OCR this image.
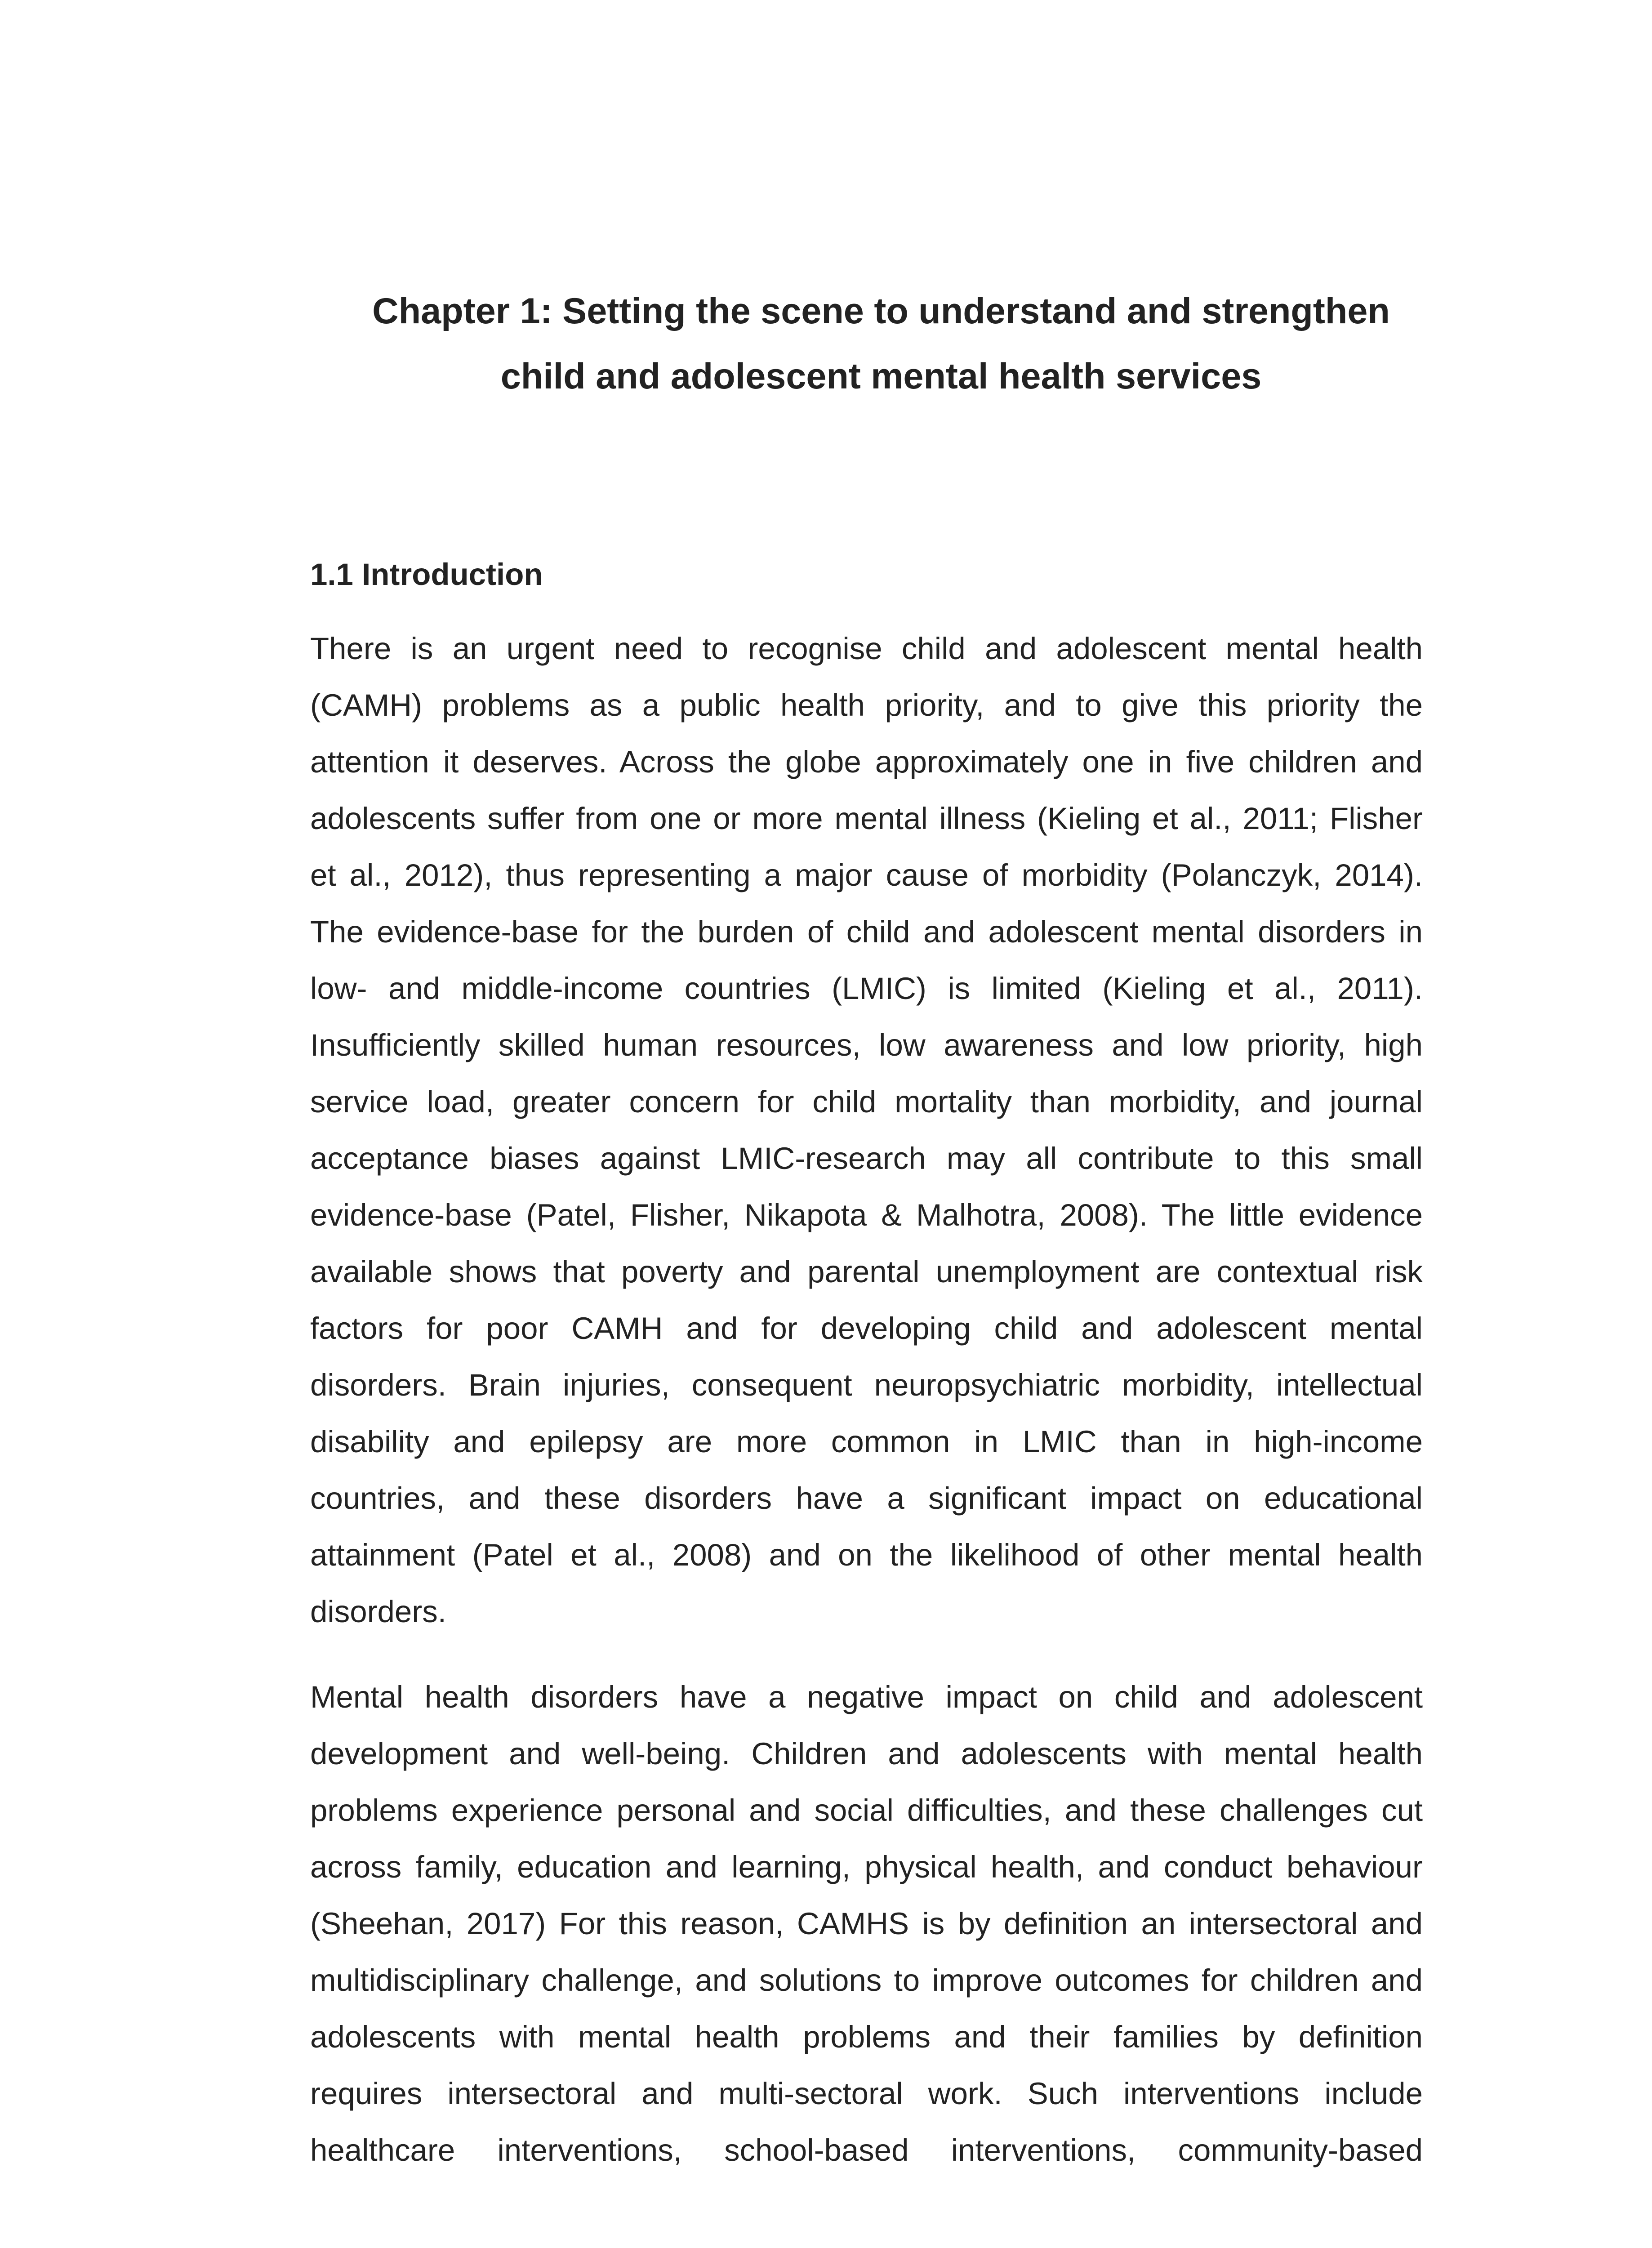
Chapter 1: Setting the scene to understand and strengthen
child and adolescent mental health services
1.1 Introduction

There is an urgent need to recognise child and adolescent mental health
(CAMH) problems as a public health priority, and to give this priority the
attention it deserves. Across the globe approximately one in five children and
adolescents suffer from one or more mental illness (Kieling et al., 2011; Flisher
et al., 2012), thus representing a major cause of morbidity (Polanczyk, 2014).
The evidence-base for the burden of child and adolescent mental disorders in
low- and middle-income countries (LMIC) is limited (Kieling et al., 2011).
Insufficiently skilled human resources, low awareness and low priority, high
service load, greater concern for child mortality than morbidity, and journal
acceptance biases against LMIC-research may all contribute to this small
evidence-base (Patel, Flisher, Nikapota & Malhotra, 2008). The little evidence
available shows that poverty and parental unemployment are contextual risk
factors for poor CAMH and for developing child and adolescent mental
disorders. Brain injuries, consequent neuropsychiatric morbidity, intellectual
disability and epilepsy are more common in LMIC than in high-income
countries, and these disorders have a significant impact on educational
attainment (Patel et al., 2008) and on the likelihood of other mental health
disorders.

Mental health disorders have a negative impact on child and adolescent
development and well-being. Children and adolescents with mental health
problems experience personal and social difficulties, and these challenges cut
across family, education and learning, physical health, and conduct behaviour
(Sheehan, 2017) For this reason, CAMHS is by definition an intersectoral and
multidisciplinary challenge, and solutions to improve outcomes for children and
adolescents with mental health problems and their families by definition
requires intersectoral and multi-sectoral work. Such interventions include
healthcare interventions, school-based interventions, community-based
